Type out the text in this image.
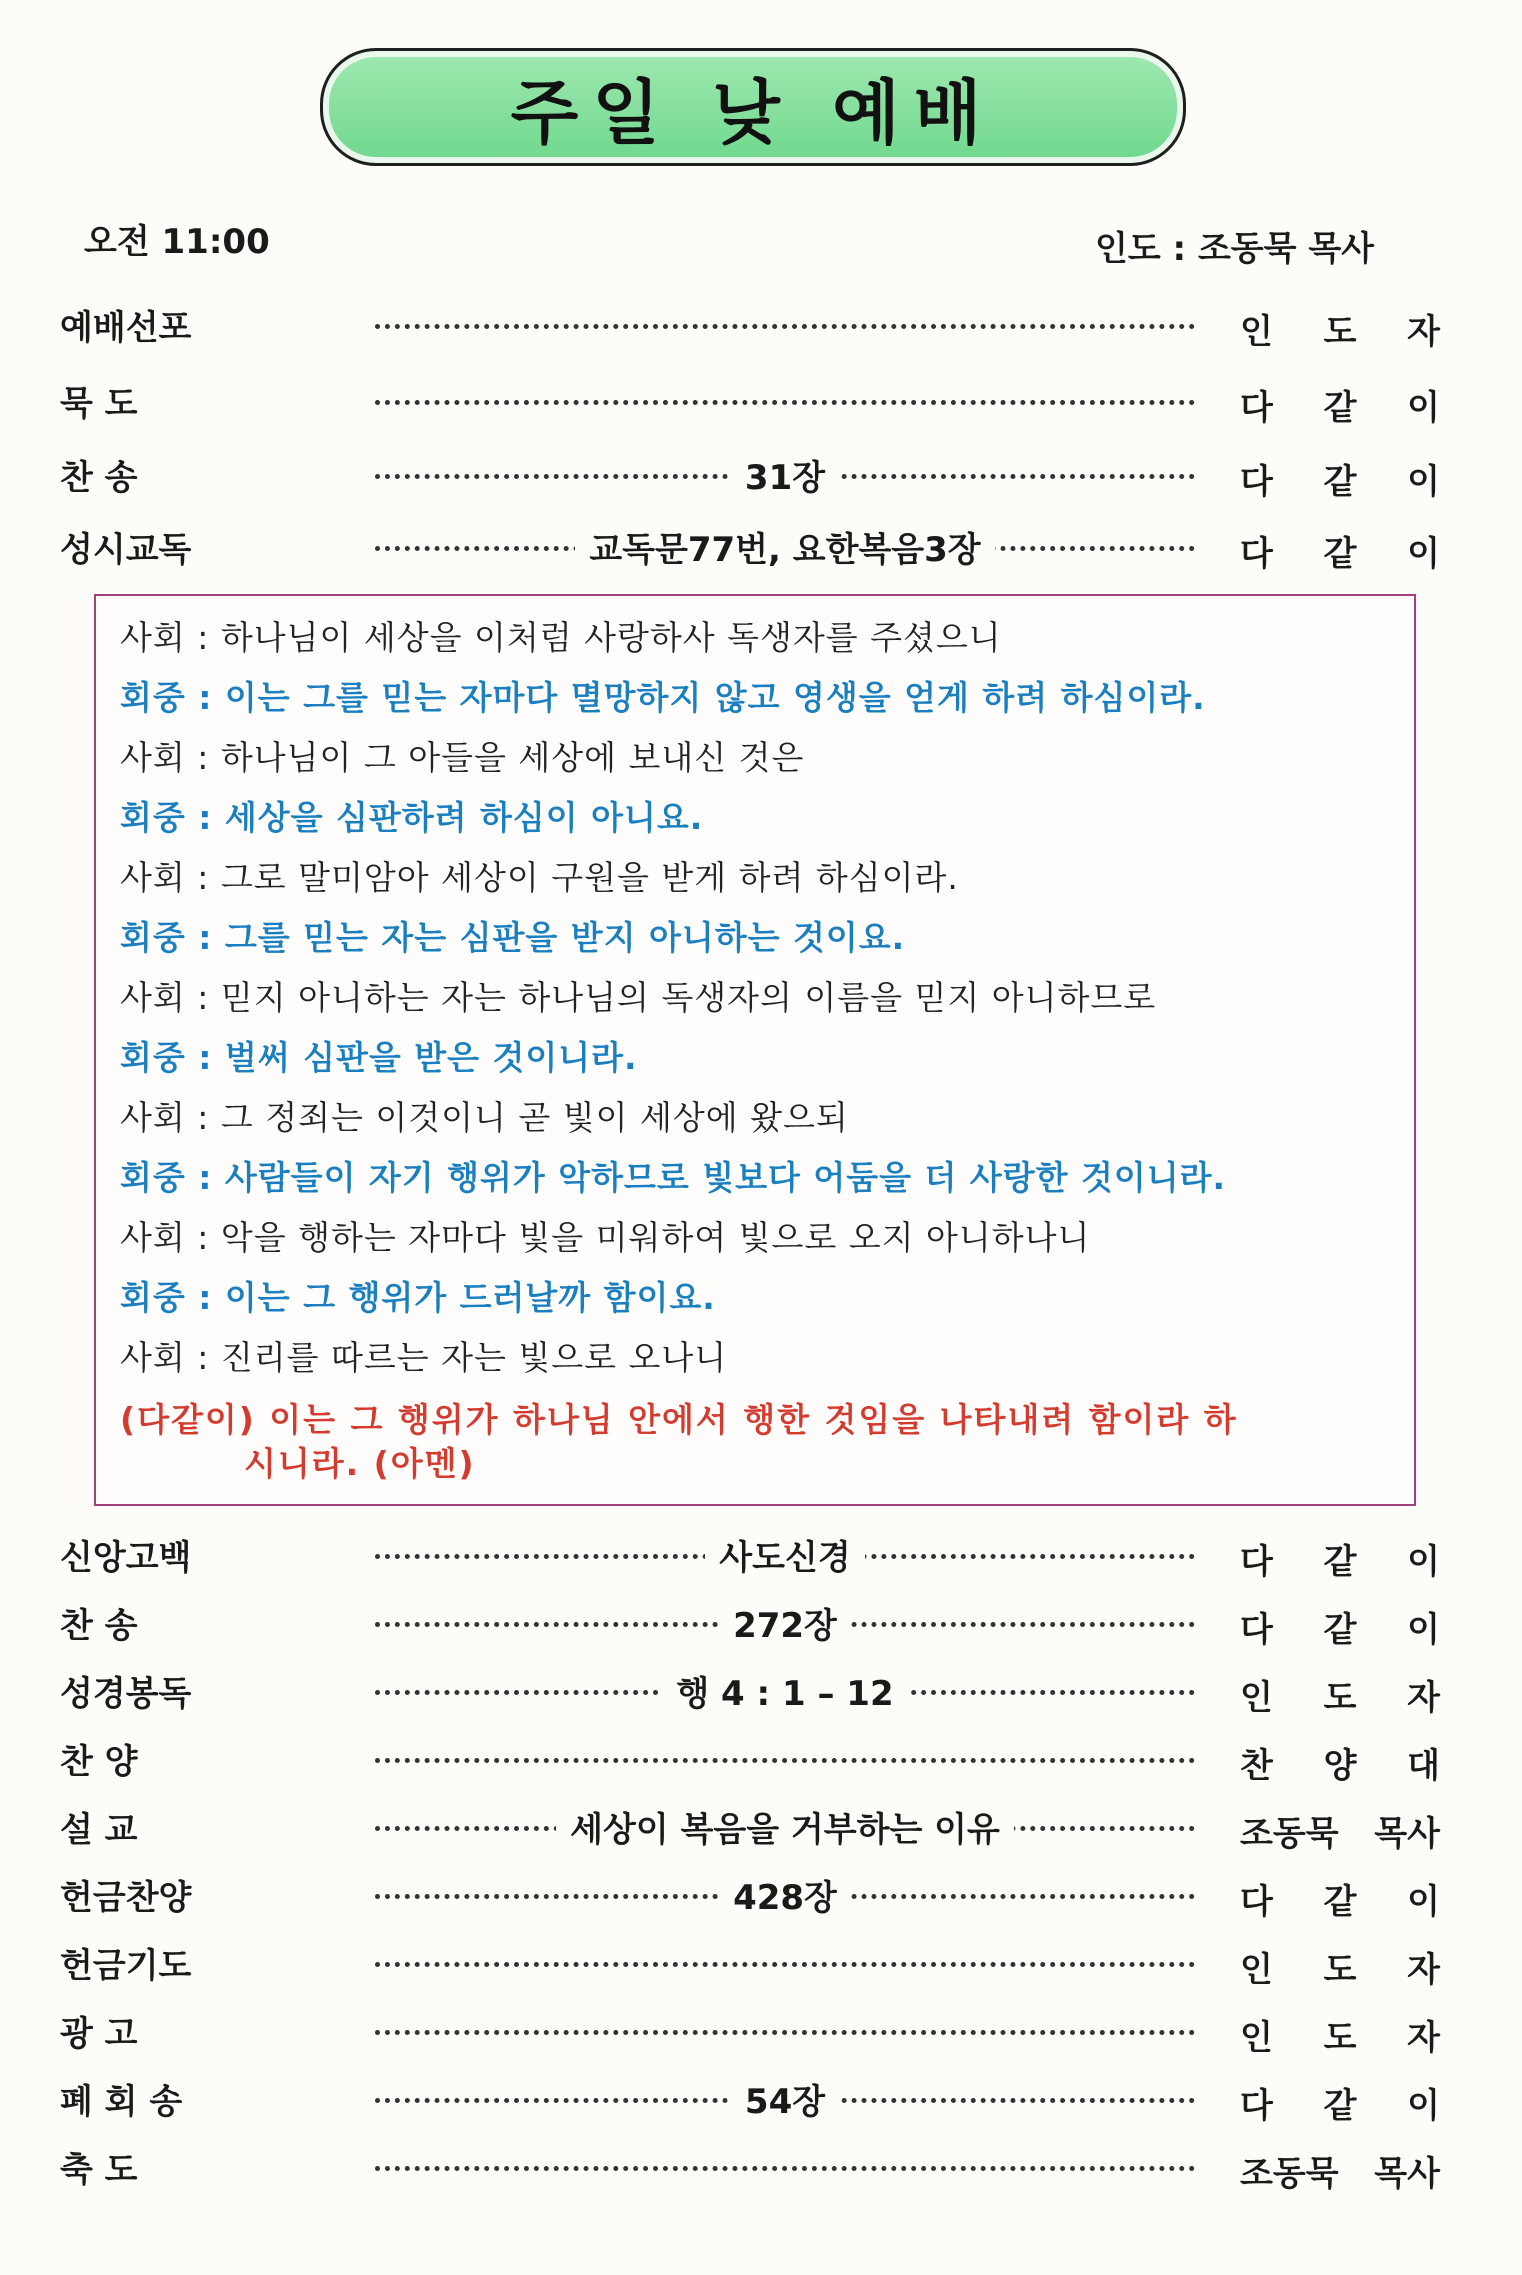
주일 낮 예배
오전 11:00	인도 : 조동묵 목사
예배선포	인 도 자
묵 도	다 같 이
찬 송	31장	다 같 이
성시교독	교독문77번, 요한복음3장	다 같 이
사회 : 하나님이 세상을 이처럼 사랑하사 독생자를 주셨으니
회중 : 이는 그를 믿는 자마다 멸망하지 않고 영생을 얻게 하려 하심이라.
사회 : 하나님이 그 아들을 세상에 보내신 것은
회중 : 세상을 심판하려 하심이 아니요.
사회 : 그로 말미암아 세상이 구원을 받게 하려 하심이라.
회중 : 그를 믿는 자는 심판을 받지 아니하는 것이요.
사회 : 믿지 아니하는 자는 하나님의 독생자의 이름을 믿지 아니하므로
회중 : 벌써 심판을 받은 것이니라.
사회 : 그 정죄는 이것이니 곧 빛이 세상에 왔으되
회중 : 사람들이 자기 행위가 악하므로 빛보다 어둠을 더 사랑한 것이니라.
사회 : 악을 행하는 자마다 빛을 미워하여 빛으로 오지 아니하나니
회중 : 이는 그 행위가 드러날까 함이요.
사회 : 진리를 따르는 자는 빛으로 오나니
(다같이) 이는 그 행위가 하나님 안에서 행한 것임을 나타내려 함이라 하
시니라. (아멘)
신앙고백	사도신경	다 같 이
찬 송	272장	다 같 이
성경봉독	행 4 : 1 – 12	인 도 자
찬 양	찬 양 대
설 교	세상이 복음을 거부하는 이유	조동묵 목사
헌금찬양	428장	다 같 이
헌금기도	인 도 자
광 고	인 도 자
폐 회 송	54장	다 같 이
축 도	조동묵 목사
